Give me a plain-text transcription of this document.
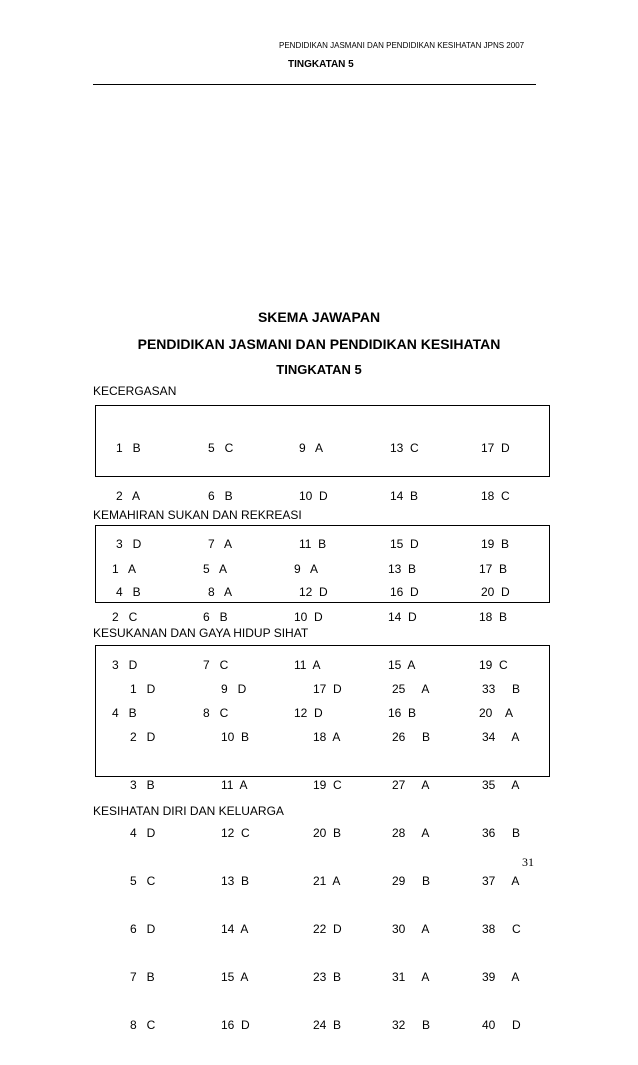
PENDIDIKAN JASMANI DAN PENDIDIKAN KESIHATAN JPNS 2007
TINGKATAN 5
SKEMA JAWAPAN
PENDIDIKAN JASMANI DAN PENDIDIKAN KESIHATAN
TINGKATAN 5
KECERGASAN

1   B

2   A

3   D

4   B

5   C

6   B

7   A

8   A

9   A

10  D

11  B

12  D

13  C

14  B

15  D

16  D

17  D

18  C

19  B

20  D

KEMAHIRAN SUKAN DAN REKREASI

1   A

2   C

3   D

4   B

5   A

6   B

7   C

8   C

9   A

10  D

11  A

12  D

13  B

14  D

15  A

16  B

17  B

18  B

19  C

20    A

KESUKANAN DAN GAYA HIDUP SIHAT

1   D

2   D

3   B

4   D

5   C

6   D

7   B

8   C

9   D

10  B

11  A

12  C

13  B

14  A

15  A

16  D

17  D

18  A

19  C

20  B

21  A

22  D

23  B

24  B

25     A

26     B

27     A

28     A

29     B

30     A

31     A

32     B

33     B

34     A

35     A

36     B

37     A

38     C

39     A

40     D

KESIHATAN DIRI DAN KELUARGA
31
